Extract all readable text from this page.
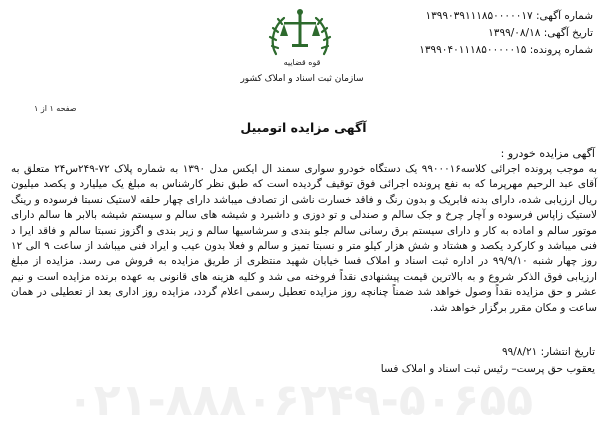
شماره آگهی: ۱۳۹۹۰۳۹۱۱۱۸۵۰۰۰۰۰۱۷
تاریخ آگهی: ۱۳۹۹/۰۸/۱۸
شماره پرونده: ۱۳۹۹۰۴۰۱۱۱۸۵۰۰۰۰۰۱۵
قوه قضاییه
سازمان ثبت اسناد و املاک کشور
صفحه ۱ از ۱
آگهی مزایده اتومبیل
آگهی مزایده خودرو :
به موجب پرونده اجرائی کلاسه۹۹۰۰۰۱۶ یک دستگاه خودرو سواری سمند ال ایکس مدل ۱۳۹۰ به شماره پلاک ۷۲-۲۴۹س۲۴ متعلق به آقای عبد الرحیم مهرپرما که به نفع پرونده اجرائی فوق توقیف گردیده است که طبق نظر کارشناس به مبلغ یک میلیارد و یکصد میلیون ریال ارزیابی شده، دارای بدنه فابریک و بدون رنگ و فاقد خسارت ناشی از تصادف میباشد دارای چهار حلقه لاستیک نسبتا فرسوده و رینگ لاستیک زاپاس فرسوده و آچار چرخ و جک سالم و صندلی و تو دوزی و داشبرد و شیشه های سالم و سیستم شیشه بالابر ها سالم دارای موتور سالم و اماده به کار و دارای سیستم برق رسانی سالم جلو بندی و سرشاسیها سالم و زیر بندی و اگزوز نسبتا سالم و فاقد ایرا د فنی میباشد و کارکرد یکصد و هشتاد و شش هزار کیلو متر و نسبتا تمیز و سالم و فعلا بدون عیب و ایراد فنی میباشد از ساعت ۹ الی ۱۲ روز چهار شنبه ۹۹/۹/۱۰ در اداره ثبت اسناد و املاک فسا خیابان شهید منتظری از طریق مزایده به فروش می رسد. مزایده از مبلغ ارزیابی فوق الذکر شروع و به بالاترین قیمت پیشنهادی نقداً فروخته می شد و کلیه هزینه های قانونی به عهده برنده مزایده است و نیم عشر و حق مزایده نقداً وصول خواهد شد ضمناً چنانچه روز مزایده تعطیل رسمی اعلام گردد، مزایده روز اداری بعد از تعطیلی در همان ساعت و مکان مقرر برگزار خواهد شد.
تاریخ انتشار: ۹۹/۸/۲۱
یعقوب حق پرست– رئیس ثبت اسناد و املاک فسا
۰۲۱-۸۸۸۰۶۲۴۹-۵۰۶۵۵
